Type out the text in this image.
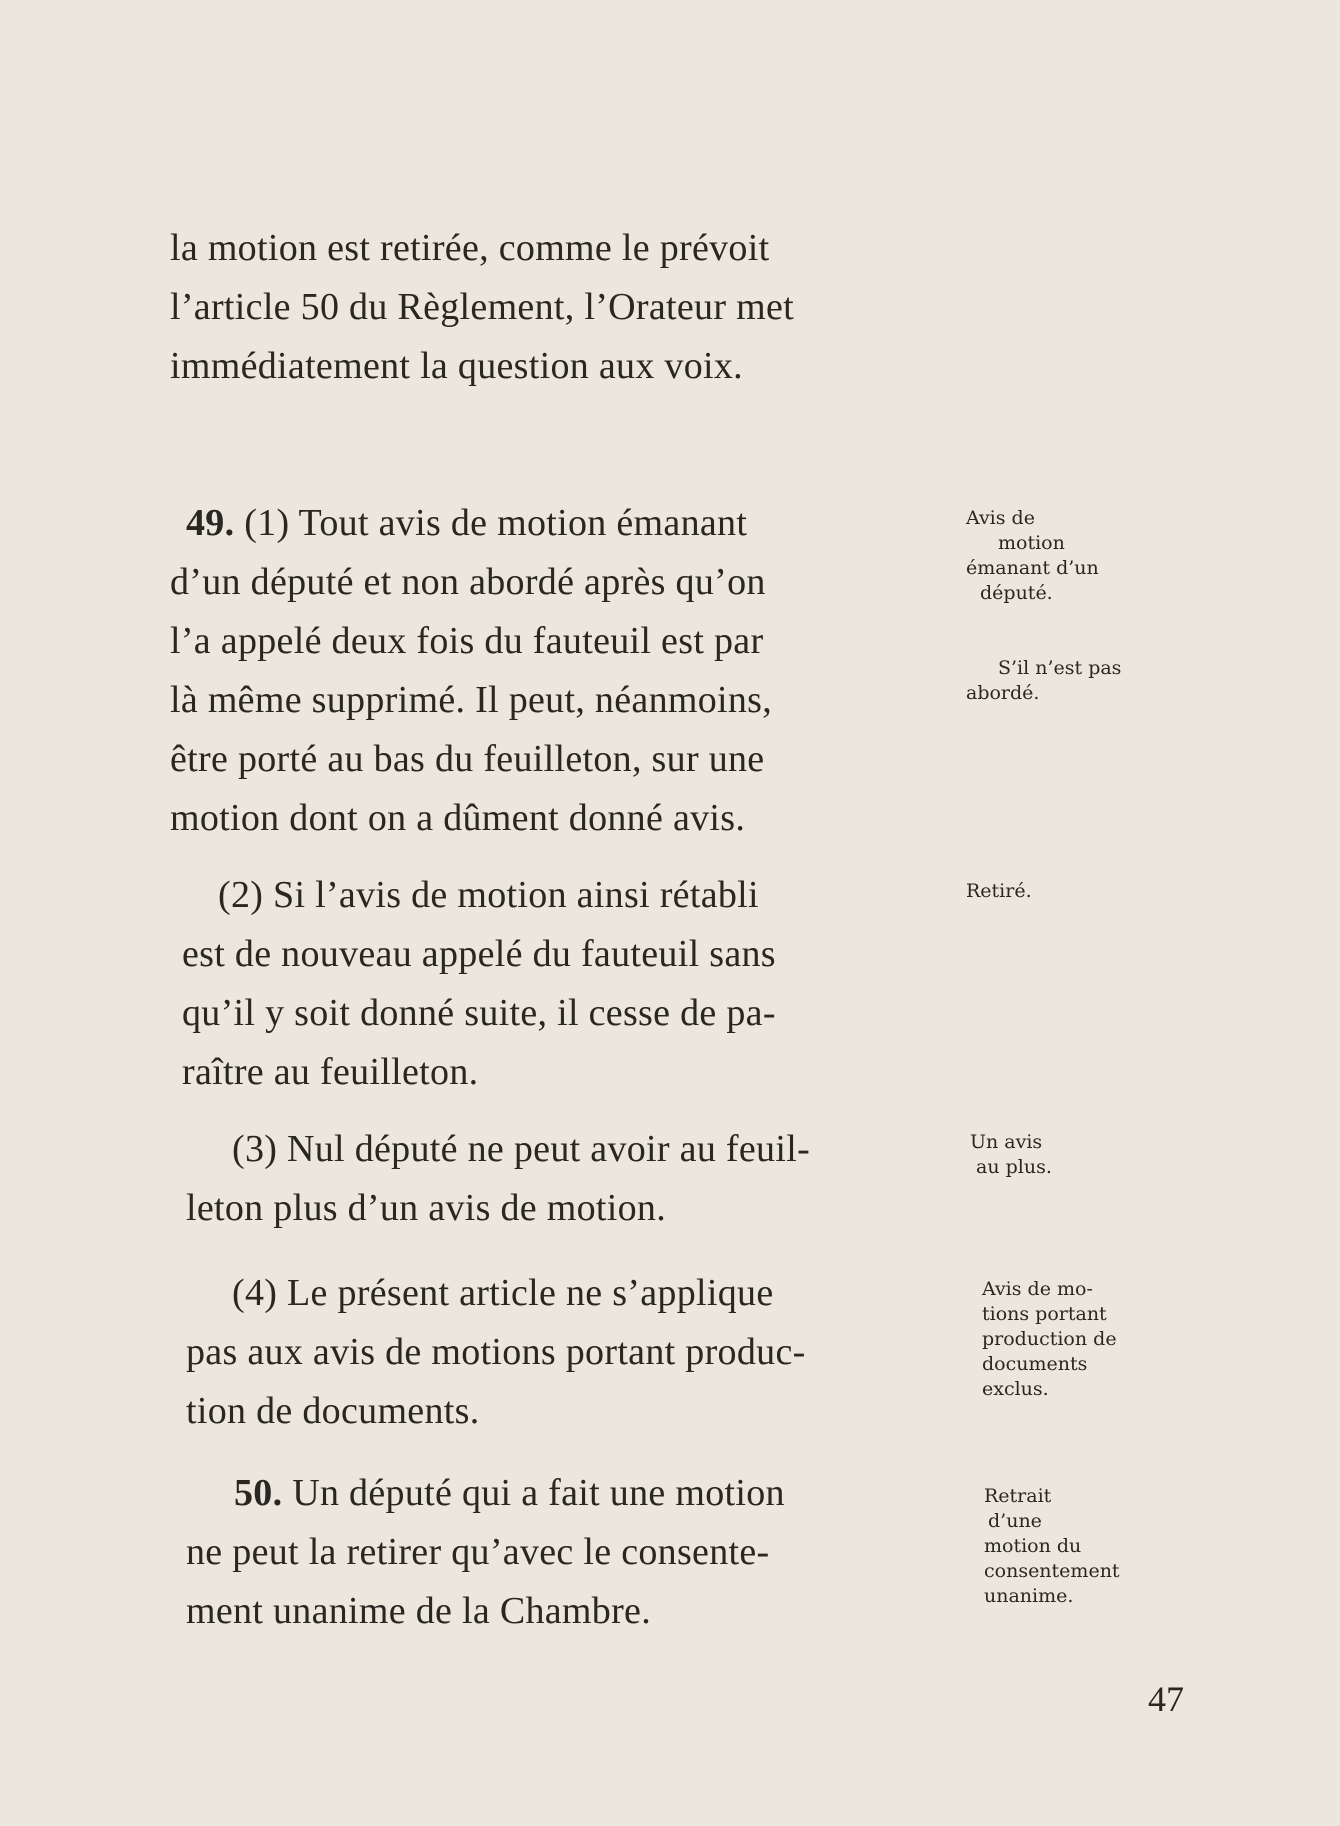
la motion est retirée, comme le prévoit
l’article 50 du Règlement, l’Orateur met
immédiatement la question aux voix.
49. (1) Tout avis de motion émanant
d’un député et non abordé après qu’on
l’a appelé deux fois du fauteuil est par
là même supprimé. Il peut, néanmoins,
être porté au bas du feuilleton, sur une
motion dont on a dûment donné avis.
(2) Si l’avis de motion ainsi rétabli
est de nouveau appelé du fauteuil sans
qu’il y soit donné suite, il cesse de pa-
raître au feuilleton.
(3) Nul député ne peut avoir au feuil-
leton plus d’un avis de motion.
(4) Le présent article ne s’applique
pas aux avis de motions portant produc-
tion de documents.
50. Un député qui a fait une motion
ne peut la retirer qu’avec le consente-
ment unanime de la Chambre.
Avis de
motion
émanant d’un
député.
S’il n’est pas
abordé.
Retiré.
Un avis
au plus.
Avis de mo-
tions portant
production de
documents
exclus.
Retrait
d’une
motion du
consentement
unanime.
47
